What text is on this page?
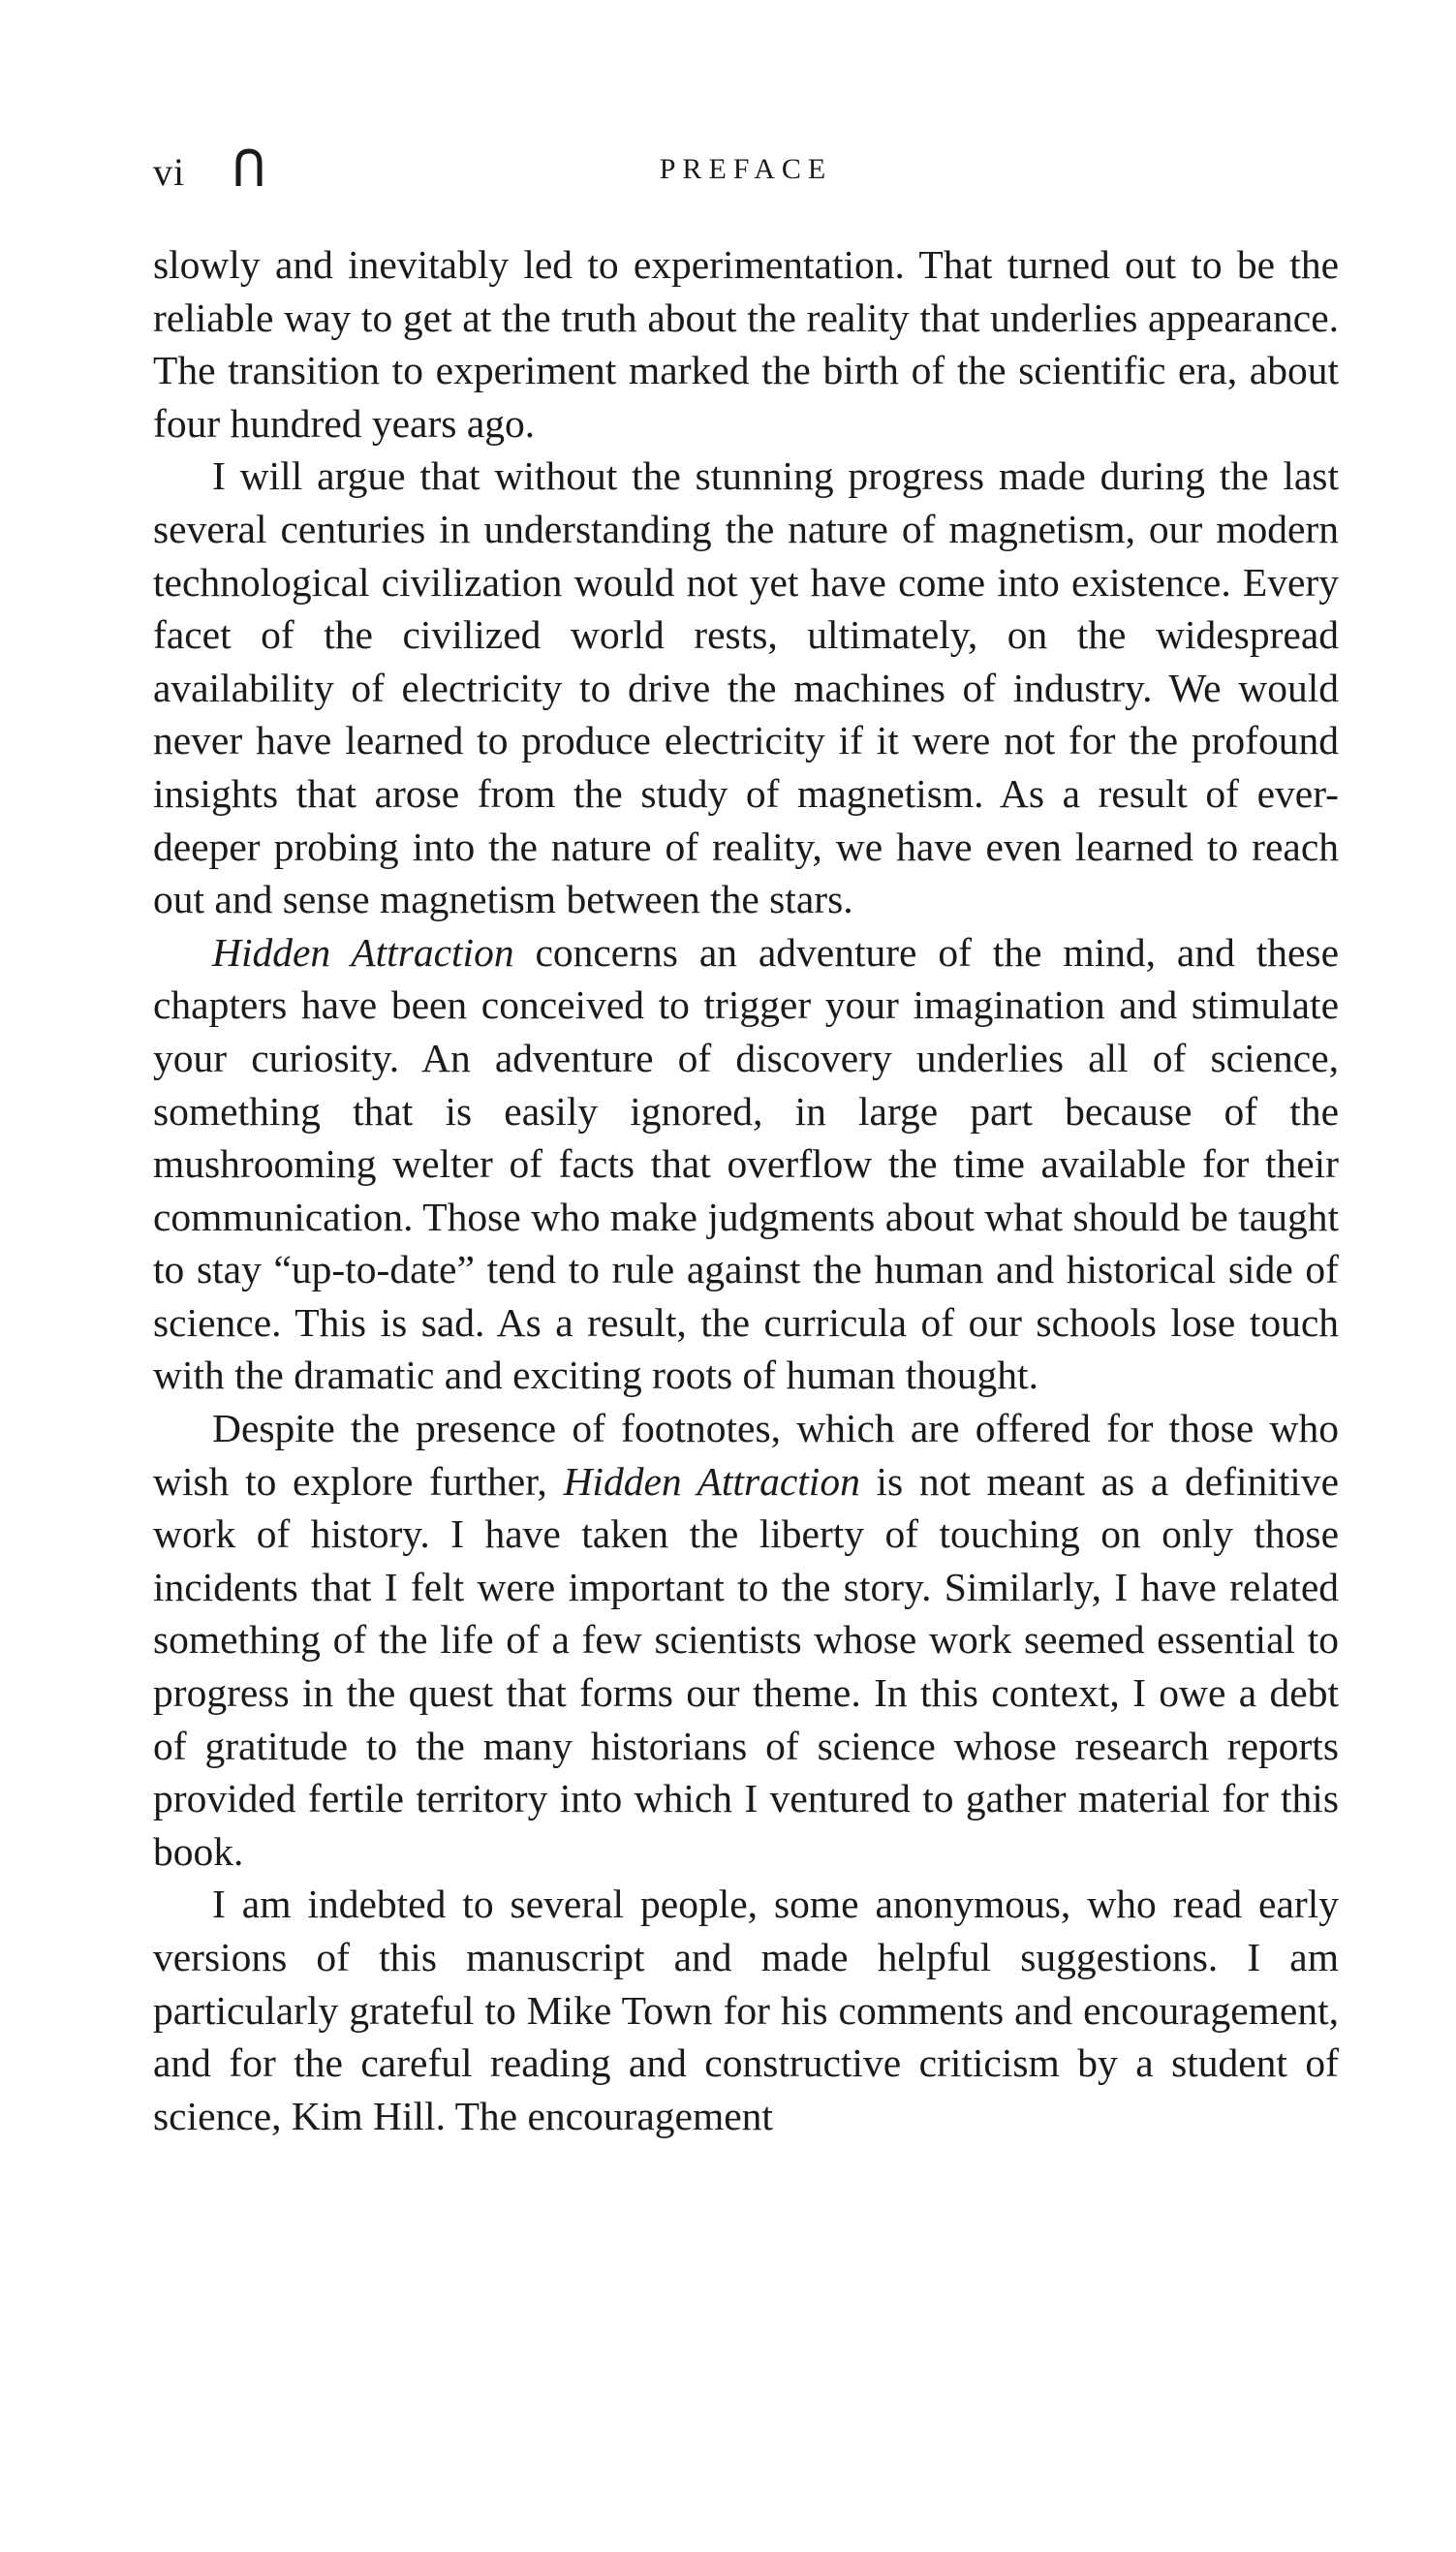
vi	PREFACE

slowly and inevitably led to experimentation. That turned out to be the reliable way to get at the truth about the reality that underlies appearance. The transition to experiment marked the birth of the scientific era, about four hundred years ago.

I will argue that without the stunning progress made during the last several centuries in understanding the nature of magnetism, our modern technological civilization would not yet have come into existence. Every facet of the civilized world rests, ultimately, on the widespread availability of electricity to drive the machines of industry. We would never have learned to produce electricity if it were not for the profound insights that arose from the study of magnetism. As a result of ever-deeper probing into the nature of reality, we have even learned to reach out and sense magnetism between the stars.

Hidden Attraction concerns an adventure of the mind, and these chapters have been conceived to trigger your imagination and stimulate your curiosity. An adventure of discovery underlies all of science, something that is easily ignored, in large part because of the mushrooming welter of facts that overflow the time available for their communication. Those who make judgments about what should be taught to stay “up-to-date” tend to rule against the human and historical side of science. This is sad. As a result, the curricula of our schools lose touch with the dramatic and exciting roots of human thought.

Despite the presence of footnotes, which are offered for those who wish to explore further, Hidden Attraction is not meant as a definitive work of history. I have taken the liberty of touching on only those incidents that I felt were important to the story. Similarly, I have related something of the life of a few scientists whose work seemed essential to progress in the quest that forms our theme. In this context, I owe a debt of gratitude to the many historians of science whose research reports provided fertile territory into which I ventured to gather material for this book.

I am indebted to several people, some anonymous, who read early versions of this manuscript and made helpful suggestions. I am particularly grateful to Mike Town for his comments and encouragement, and for the careful reading and constructive criticism by a student of science, Kim Hill. The encouragement
